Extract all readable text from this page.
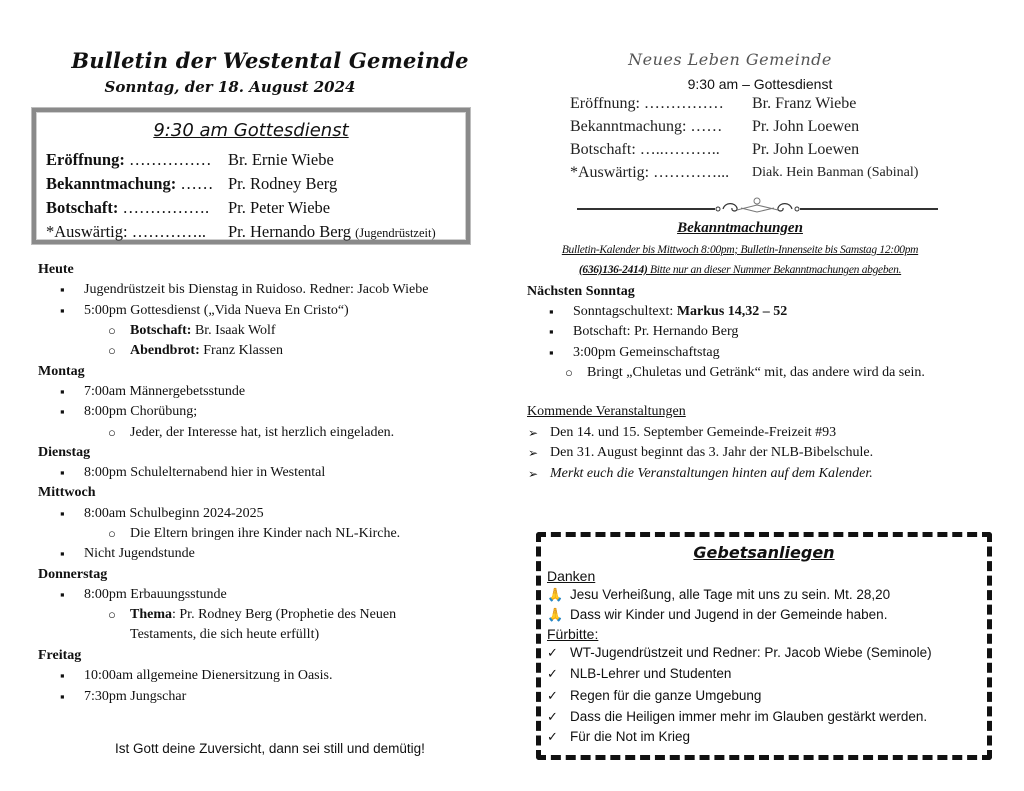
Bulletin der Westental Gemeinde
Sonntag, der 18. August 2024
9:30 am Gottesdienst
Eröffnung: …………… Br. Ernie Wiebe
Bekanntmachung: …… Pr. Rodney Berg
Botschaft: ……………. Pr. Peter Wiebe
*Auswärtig: ………….. Pr. Hernando Berg (Jugendrüstzeit)
Heute
Jugendrüstzeit bis Dienstag in Ruidoso. Redner: Jacob Wiebe
5:00pm Gottesdienst („Vida Nueva En Cristo“)
○ Botschaft: Br. Isaak Wolf
○ Abendbrot: Franz Klassen
Montag
7:00am Männergebetsstunde
8:00pm Chorübung;
○ Jeder, der Interesse hat, ist herzlich eingeladen.
Dienstag
8:00pm Schulelternabend hier in Westental
Mittwoch
8:00am Schulbeginn 2024-2025
○ Die Eltern bringen ihre Kinder nach NL-Kirche.
Nicht Jugendstunde
Donnerstag
8:00pm Erbauungsstunde
○ Thema: Pr. Rodney Berg (Prophetie des Neuen
Testaments, die sich heute erfüllt)
Freitag
10:00am allgemeine Dienersitzung in Oasis.
7:30pm Jungschar
Ist Gott deine Zuversicht, dann sei still und demütig!
Neues Leben Gemeinde
9:30 am – Gottesdienst
Eröffnung: …………… Br. Franz Wiebe
Bekanntmachung: …… Pr. John Loewen
Botschaft: …..……….. Pr. John Loewen
*Auswärtig: …………... Diak. Hein Banman (Sabinal)
Bekanntmachungen
Bulletin-Kalender bis Mittwoch 8:00pm; Bulletin-Innenseite bis Samstag 12:00pm
(636)136-2414) Bitte nur an dieser Nummer Bekanntmachungen abgeben.
Nächsten Sonntag
Sonntagschultext: Markus 14,32 – 52
Botschaft: Pr. Hernando Berg
3:00pm Gemeinschaftstag
○ Bringt „Chuletas und Getränk“ mit, das andere wird da sein.
Kommende Veranstaltungen
➢ Den 14. und 15. September Gemeinde-Freizeit #93
➢ Den 31. August beginnt das 3. Jahr der NLB-Bibelschule.
➢ Merkt euch die Veranstaltungen hinten auf dem Kalender.
Gebetsanliegen
Danken
🙏 Jesu Verheißung, alle Tage mit uns zu sein. Mt. 28,20
🙏 Dass wir Kinder und Jugend in der Gemeinde haben.
Fürbitte:
✓ WT-Jugendrüstzeit und Redner: Pr. Jacob Wiebe (Seminole)
✓ NLB-Lehrer und Studenten
✓ Regen für die ganze Umgebung
✓ Dass die Heiligen immer mehr im Glauben gestärkt werden.
✓ Für die Not im Krieg
